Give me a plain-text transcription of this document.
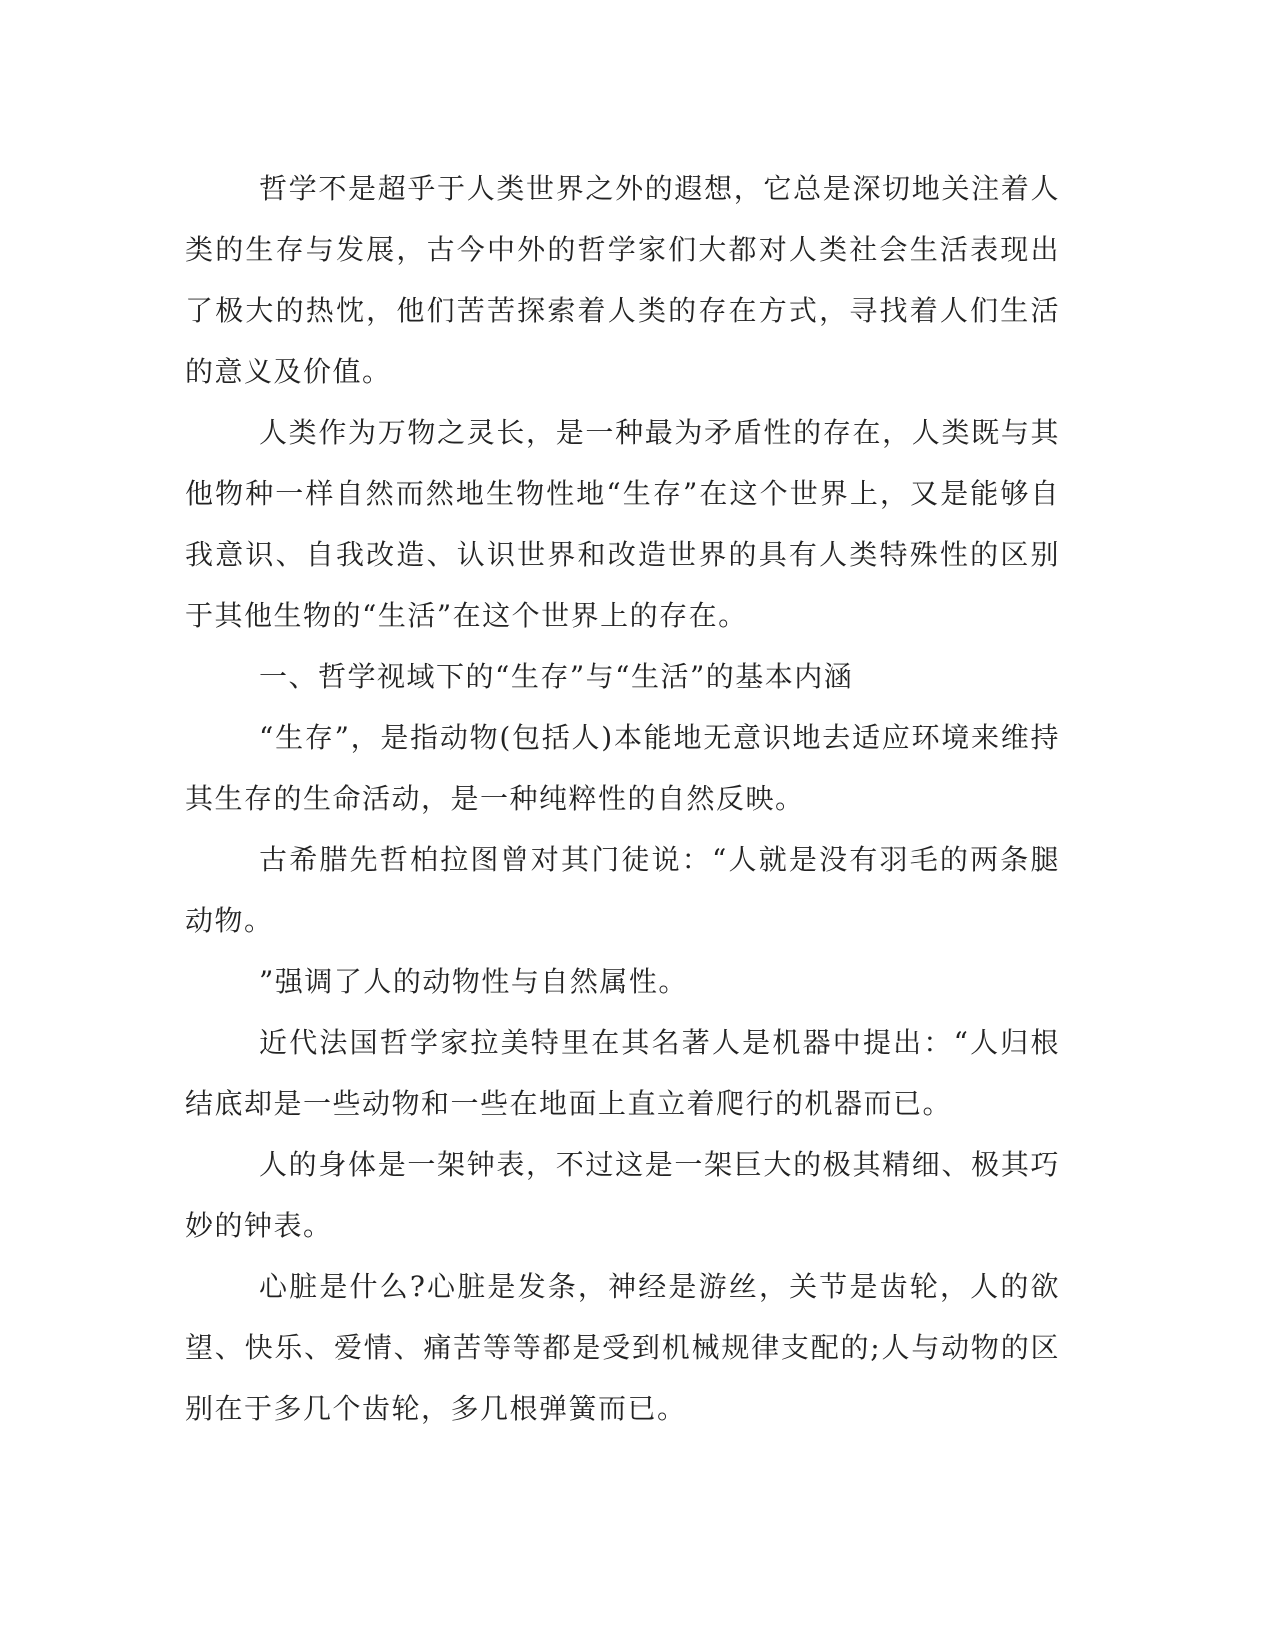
哲学不是超乎于人类世界之外的遐想，它总是深切地关注着人类的生存与发展，古今中外的哲学家们大都对人类社会生活表现出了极大的热忱，他们苦苦探索着人类的存在方式，寻找着人们生活的意义及价值。

人类作为万物之灵长，是一种最为矛盾性的存在，人类既与其他物种一样自然而然地生物性地“生存”在这个世界上，又是能够自我意识、自我改造、认识世界和改造世界的具有人类特殊性的区别于其他生物的“生活”在这个世界上的存在。

一、哲学视域下的“生存”与“生活”的基本内涵

“生存”，是指动物(包括人)本能地无意识地去适应环境来维持其生存的生命活动，是一种纯粹性的自然反映。

古希腊先哲柏拉图曾对其门徒说：“人就是没有羽毛的两条腿动物。

”强调了人的动物性与自然属性。

近代法国哲学家拉美特里在其名著人是机器中提出：“人归根结底却是一些动物和一些在地面上直立着爬行的机器而已。

人的身体是一架钟表，不过这是一架巨大的极其精细、极其巧妙的钟表。

心脏是什么?心脏是发条，神经是游丝，关节是齿轮，人的欲望、快乐、爱情、痛苦等等都是受到机械规律支配的;人与动物的区别在于多几个齿轮，多几根弹簧而已。
